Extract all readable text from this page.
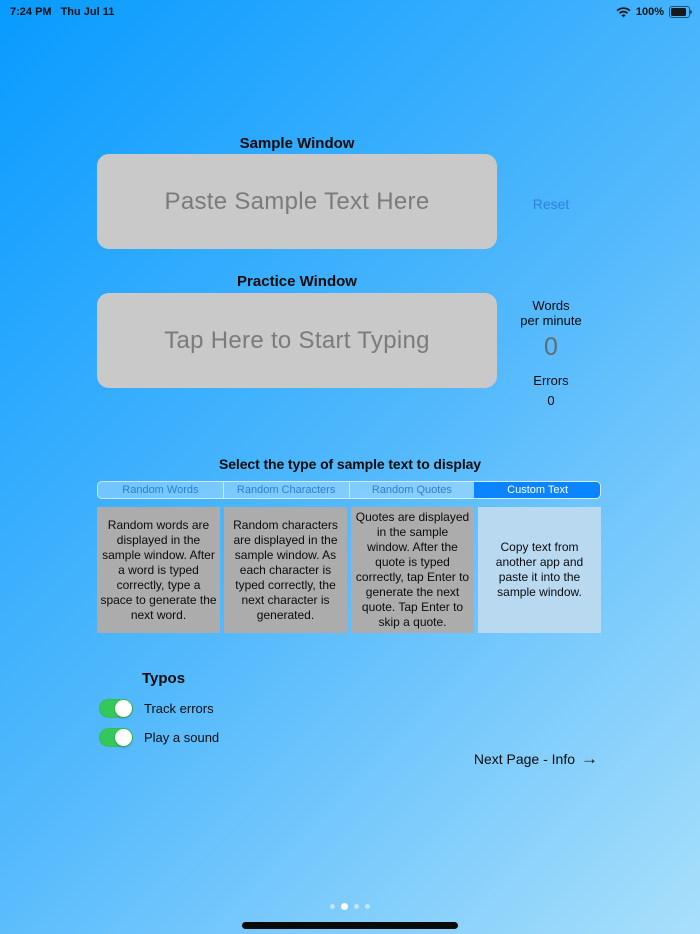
7:24 PM Thu Jul 11	100%
Sample Window
Paste Sample Text Here	Reset
Practice Window
Tap Here to Start Typing
Words
per minute
0
Errors
0
Select the type of sample text to display
Random Words	Random Characters	Random Quotes	Custom Text
Random words are displayed in the sample window. After a word is typed correctly, type a space to generate the next word.
Random characters are displayed in the sample window. As each character is typed correctly, the next character is generated.
Quotes are displayed in the sample window. After the quote is typed correctly, tap Enter to generate the next quote. Tap Enter to skip a quote.
Copy text from another app and paste it into the sample window.
Typos
Track errors
Play a sound
Next Page - Info →
